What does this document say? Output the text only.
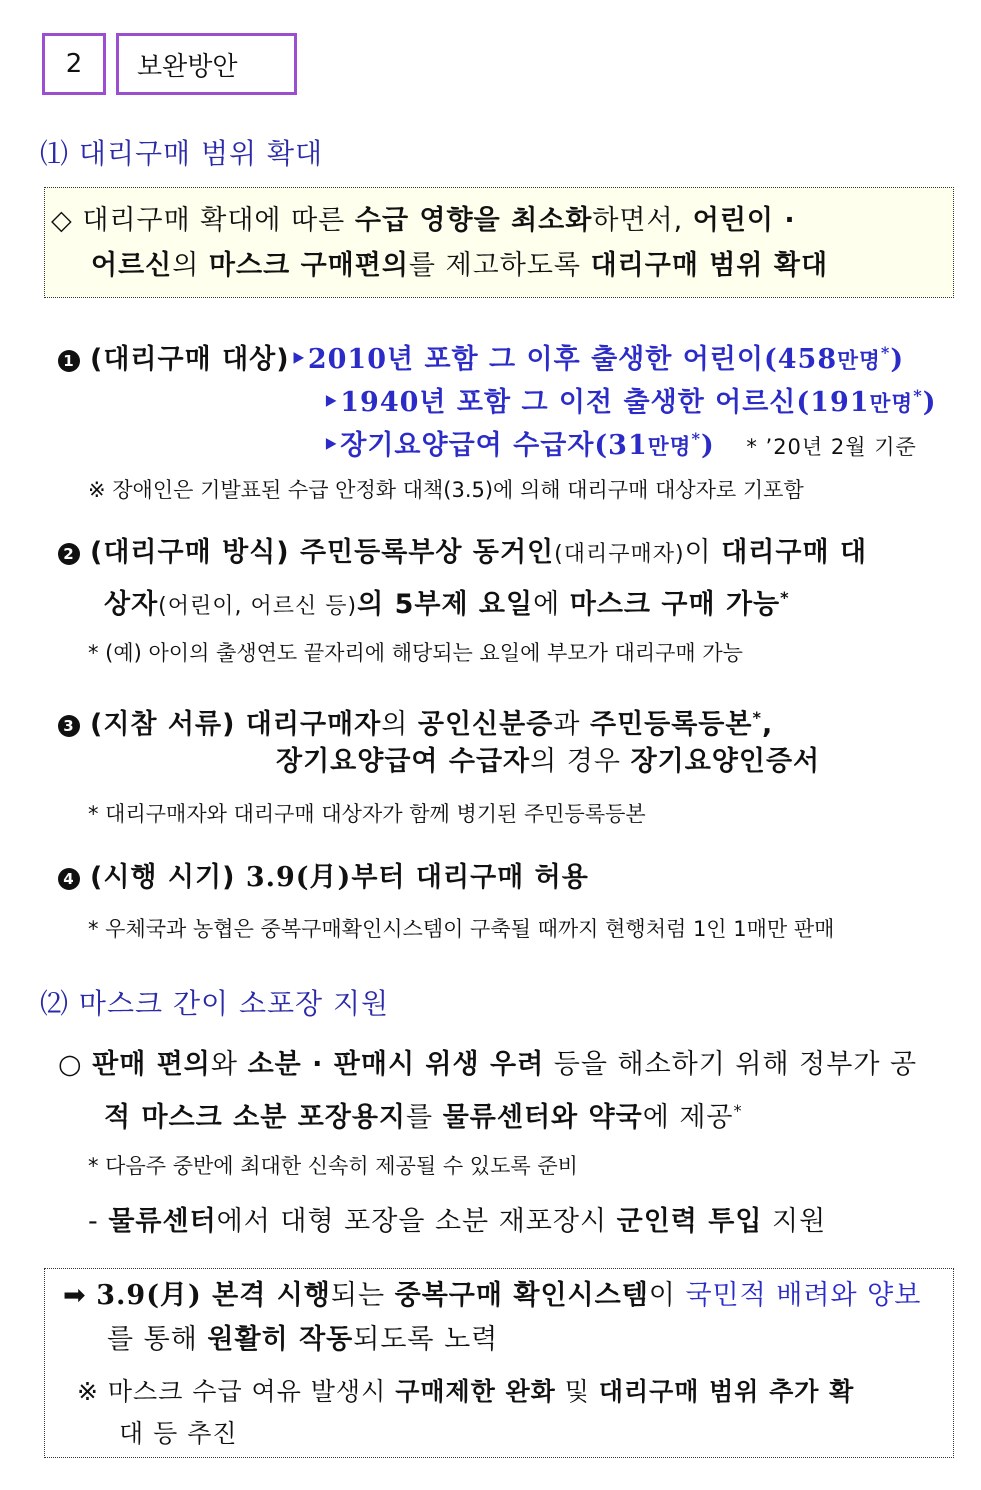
2 보완방안
⑴ 대리구매 범위 확대
◇ 대리구매 확대에 따른 수급 영향을 최소화하면서, 어린이 ·
어르신의 마스크 구매편의를 제고하도록 대리구매 범위 확대
1 (대리구매 대상)‣2010년 포함 그 이후 출생한 어린이(458만명*)
‣1940년 포함 그 이전 출생한 어르신(191만명*)
‣장기요양급여 수급자(31만명*) * ’20년 2월 기준
※ 장애인은 기발표된 수급 안정화 대책(3.5)에 의해 대리구매 대상자로 기포함
2 (대리구매 방식) 주민등록부상 동거인(대리구매자)이 대리구매 대
상자(어린이, 어르신 등)의 5부제 요일에 마스크 구매 가능*
* (예) 아이의 출생연도 끝자리에 해당되는 요일에 부모가 대리구매 가능
3 (지참 서류) 대리구매자의 공인신분증과 주민등록등본*,
장기요양급여 수급자의 경우 장기요양인증서
* 대리구매자와 대리구매 대상자가 함께 병기된 주민등록등본
4 (시행 시기) 3.9(月)부터 대리구매 허용
* 우체국과 농협은 중복구매확인시스템이 구축될 때까지 현행처럼 1인 1매만 판매
⑵ 마스크 간이 소포장 지원
○ 판매 편의와 소분 · 판매시 위생 우려 등을 해소하기 위해 정부가 공
적 마스크 소분 포장용지를 물류센터와 약국에 제공*
* 다음주 중반에 최대한 신속히 제공될 수 있도록 준비
- 물류센터에서 대형 포장을 소분 재포장시 군인력 투입 지원
➡ 3.9(月) 본격 시행되는 중복구매 확인시스템이 국민적 배려와 양보
를 통해 원활히 작동되도록 노력
※ 마스크 수급 여유 발생시 구매제한 완화 및 대리구매 범위 추가 확
대 등 추진
